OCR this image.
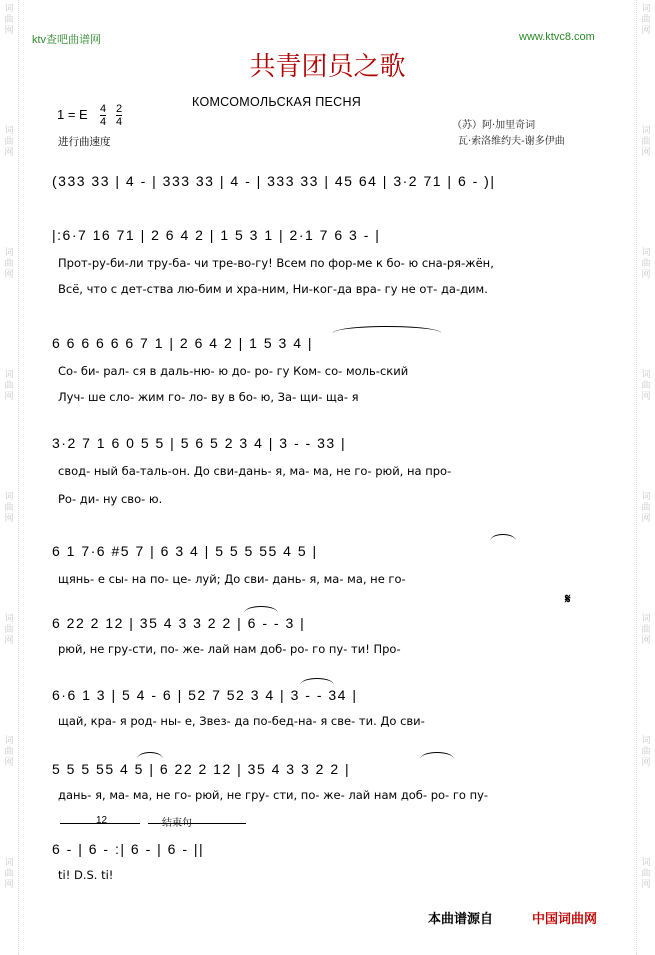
词
曲
网
词
曲
网
词
曲
网
词
曲
网
词
曲
网
词
曲
网
词
曲
网
词
曲
网
词
曲
网
词
曲
网
词
曲
网
词
曲
网
词
曲
网
词
曲
网
词
曲
网
词
曲
网
ktv查吧曲谱网	www.ktvc8.com
共青团员之歌
КОМСОМОЛЬСКАЯ ПЕСНЯ
1 = E 4
4
2
4
进行曲速度
（苏）阿·加里奇词
瓦·索洛维约夫-谢多伊曲
(333 33 | 4 - | 333 33 | 4 - | 333 33 | 45 64 | 3·2 71 | 6 - )|
|:6·7 16 71 | 2 6 4 2 | 1 5 3 1 | 2·1 7 6 3 - |
Прот-ру-би-ли тру-ба- чи тре-во-гу! Всем по фор-ме к бо- ю сна-ря-жён,
Всё, что с дет-ства лю-бим и хра-ним, Ни-ког-да вра- гу не от- да-дим.
6 6 6 6 6 6 7 1 | 2 6 4 2 | 1 5 3 4 |
Со- би- рал- ся в даль-ню- ю до- ро- гу Ком- со- моль-ский
Луч- ше сло- жим го- ло- ву в бо- ю, За- щи- ща- я
3·2 7 1 6 0 5 5 | 5 6 5 2 3 4 | 3 - - 33 |
свод- ный ба-таль-он. До сви-дань- я, ма- ма, не го- рюй, на про-
Ро- ди- ну сво- ю.
6 1 7·6 #5 7 | 6 3 4 | 5 5 5 55 4 5 |
щянь- е сы- на по- це- луй; До сви- дань- я, ма- ма, не го-
𝄋
6 22 2 12 | 35 4 3 3 2 2 | 6 - - 3 |
рюй, не гру-сти, по- же- лай нам доб- ро- го пу- ти! Про-
6·6 1 3 | 5 4 - 6 | 52 7 52 3 4 | 3 - - 34 |
щай, кра- я род- ны- е, Звез- да по-бед-на- я све- ти. До сви-
5 5 5 55 4 5 | 6 22 2 12 | 35 4 3 3 2 2 |
дань- я, ма- ма, не го- рюй, не гру- сти, по- же- лай нам доб- ро- го пу-
12	结束句
6 - | 6 - :| 6 - | 6 - ||
ti! D.S. ti!
本曲谱源自	中国词曲网
